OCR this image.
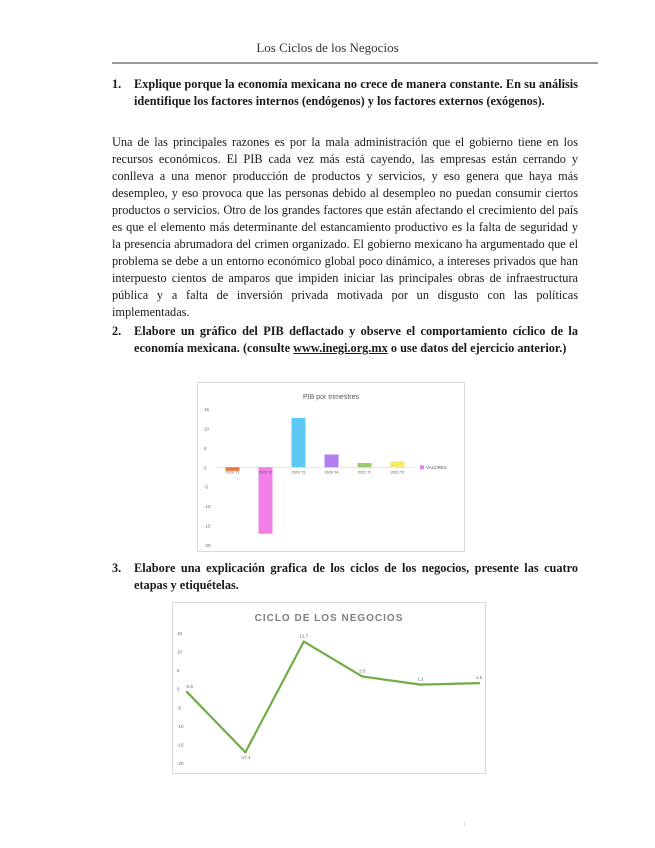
Los Ciclos de los Negocios
1. Explique porque la economía mexicana no crece de manera constante. En su análisis identifique los factores internos (endógenos) y los factores externos (exógenos).

Una de las principales razones es por la mala administración que el gobierno tiene en los recursos económicos. El PIB cada vez más está cayendo, las empresas están cerrando y conlleva a una menor producción de productos y servicios, y eso genera que haya más desempleo, y eso provoca que las personas debido al desempleo no puedan consumir ciertos productos o servicios. Otro de los grandes factores que están afectando el crecimiento del país es que el elemento más determinante del estancamiento productivo es la falta de seguridad y la presencia abrumadora del crimen organizado. El gobierno mexicano ha argumentado que el problema se debe a un entorno económico global poco dinámico, a intereses privados que han interpuesto cientos de amparos que impiden iniciar las principales obras de infraestructura pública y a falta de inversión privada motivada por un disgusto con las políticas implementadas.

2. Elabore un gráfico del PIB deflactado y observe el comportamiento cíclico de la economía mexicana. (consulte www.inegi.org.mx o use datos del ejercicio anterior.)
PIB por trimestres
15
10
5
0
-5
-10
-15
-20
2020 T1	2020 T2	2020 T3	2020 T4	2021 T1	2021 T2
VALORES
3. Elabore una explicación grafica de los ciclos de los negocios, presente las cuatro etapas y etiquételas.
CICLO DE LOS NEGOCIOS
15
10
5
0
-5
-10
-15
-20
-0.9
-17.1
12.7
3.3
1.1	1.5
1
